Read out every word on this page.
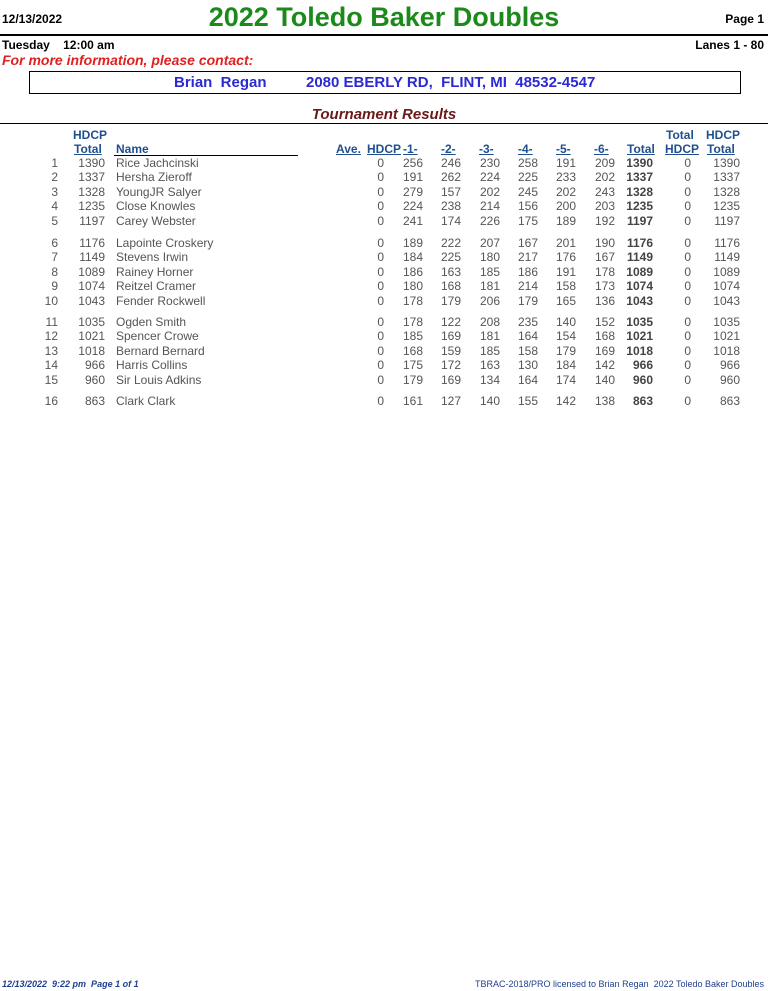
12/13/2022	2022 Toledo Baker Doubles	Page 1
Tuesday    12:00 am	Lanes 1 - 80
For more information, please contact:
Brian  Regan	2080 EBERLY RD,  FLINT, MI  48532-4547
Tournament Results
HDCP
Total Name	Ave. HDCP -1- -2- -3- -4- -5- -6- Total
Total
HDCP
HDCP
Total
1 1390 Rice Jachcinski	0 256 246 230 258 191 209 1390	0 1390
2 1337 Hersha Zieroff	0 191 262 224 225 233 202 1337	0 1337
3 1328 YoungJR Salyer	0 279 157 202 245 202 243 1328	0 1328
4 1235 Close Knowles	0 224 238 214 156 200 203 1235	0 1235
5 1197 Carey Webster	0 241 174 226 175 189 192 1197	0 1197
6 1176 Lapointe Croskery	0 189 222 207 167 201 190 1176	0 1176
7 1149 Stevens Irwin	0 184 225 180 217 176 167 1149	0 1149
8 1089 Rainey Horner	0 186 163 185 186 191 178 1089	0 1089
9 1074 Reitzel Cramer	0 180 168 181 214 158 173 1074	0 1074
10 1043 Fender Rockwell	0 178 179 206 179 165 136 1043	0 1043
11 1035 Ogden Smith	0 178 122 208 235 140 152 1035	0 1035
12 1021 Spencer Crowe	0 185 169 181 164 154 168 1021	0 1021
13 1018 Bernard Bernard	0 168 159 185 158 179 169 1018	0 1018
14 966 Harris Collins	0 175 172 163 130 184 142 966	0 966
15 960 Sir Louis Adkins	0 179 169 134 164 174 140 960	0 960
16 863 Clark Clark	0 161 127 140 155 142 138 863	0 863
12/13/2022  9:22 pm  Page 1 of 1	TBRAC-2018/PRO licensed to Brian Regan  2022 Toledo Baker Doubles
